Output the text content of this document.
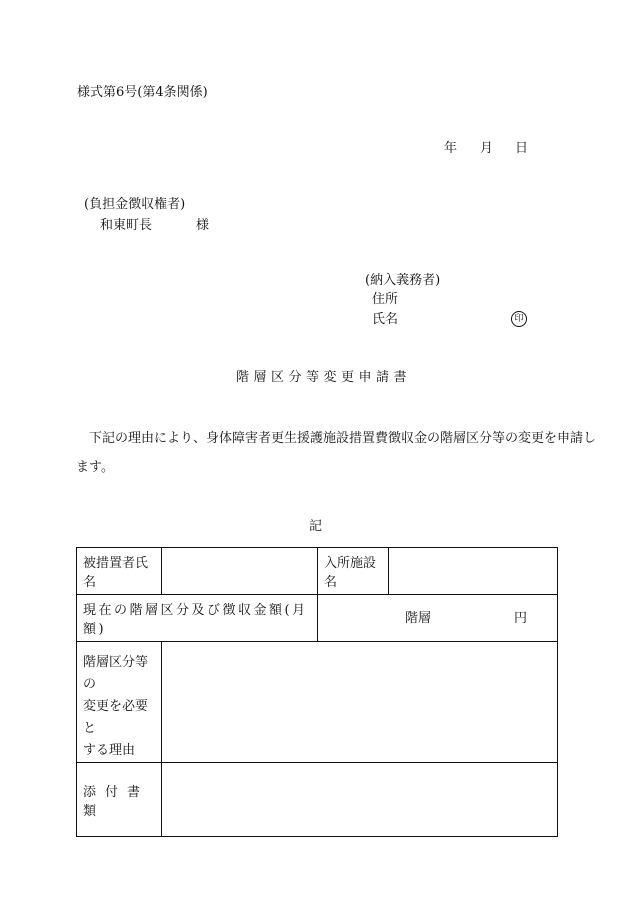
様式第6号(第4条関係)
年 月 日
(負担金徴収権者)
和東町長	様
(納入義務者)
住所
氏名	印
階層区分等変更申請書
下記の理由により、身体障害者更生援護施設措置費徴収金の階層区分等の変更を申請し
ます。
記
被措置者氏名		入所施設名	
現在の階層区分及び徴収金額(月額)		階層 円	

階層区分等の
変更を必要と
する理由			

添付書類			
